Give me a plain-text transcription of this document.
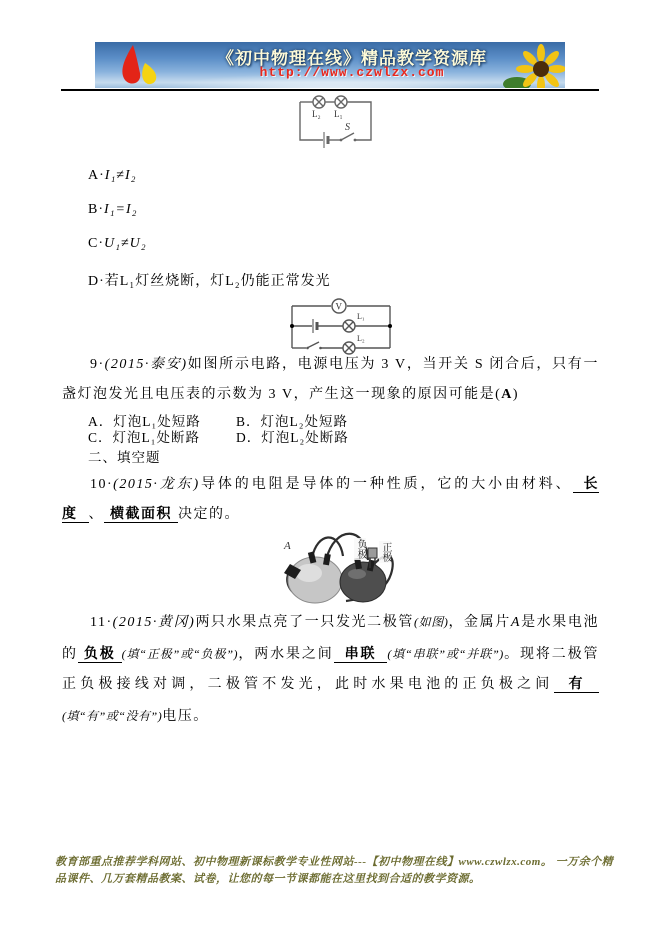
《初中物理在线》精品教学资源库
http://www.czwlzx.com
L₂ L₁
S
A·I₁≠I₂
B·I₁=I₂
C·U₁≠U₂
D·若L₁灯丝烧断，灯L₂仍能正常发光
V
L₁
L₂
9·(2015·泰安)如图所示电路，电源电压为 3 V，当开关 S 闭合后，只有一盏灯泡发光且电压表的示数为 3 V，产生这一现象的原因可能是(A)
A．灯泡L₁处短路	B．灯泡L₂处短路
C．灯泡L₁处断路	D．灯泡L₂处断路
二、填空题
10·(2015·龙东)导体的电阻是导体的一种性质，它的大小由材料、 长度 、 横截面积 决定的。
A	负极 正极
11·(2015·黄冈)两只水果点亮了一只发光二极管(如图)，金属片A是水果电池的 负极 (填“正极”或“负极”)，两水果之间 串联 (填“串联”或“并联”)。现将二极管正负极接线对调，二极管不发光，此时水果电池的正负极之间 有(填“有”或“没有”)电压。
教育部重点推荐学科网站、初中物理新课标教学专业性网站---【初中物理在线】www.czwlzx.com。 一万余个精品课件、几万套精品教案、试卷，让您的每一节课都能在这里找到合适的教学资源。
